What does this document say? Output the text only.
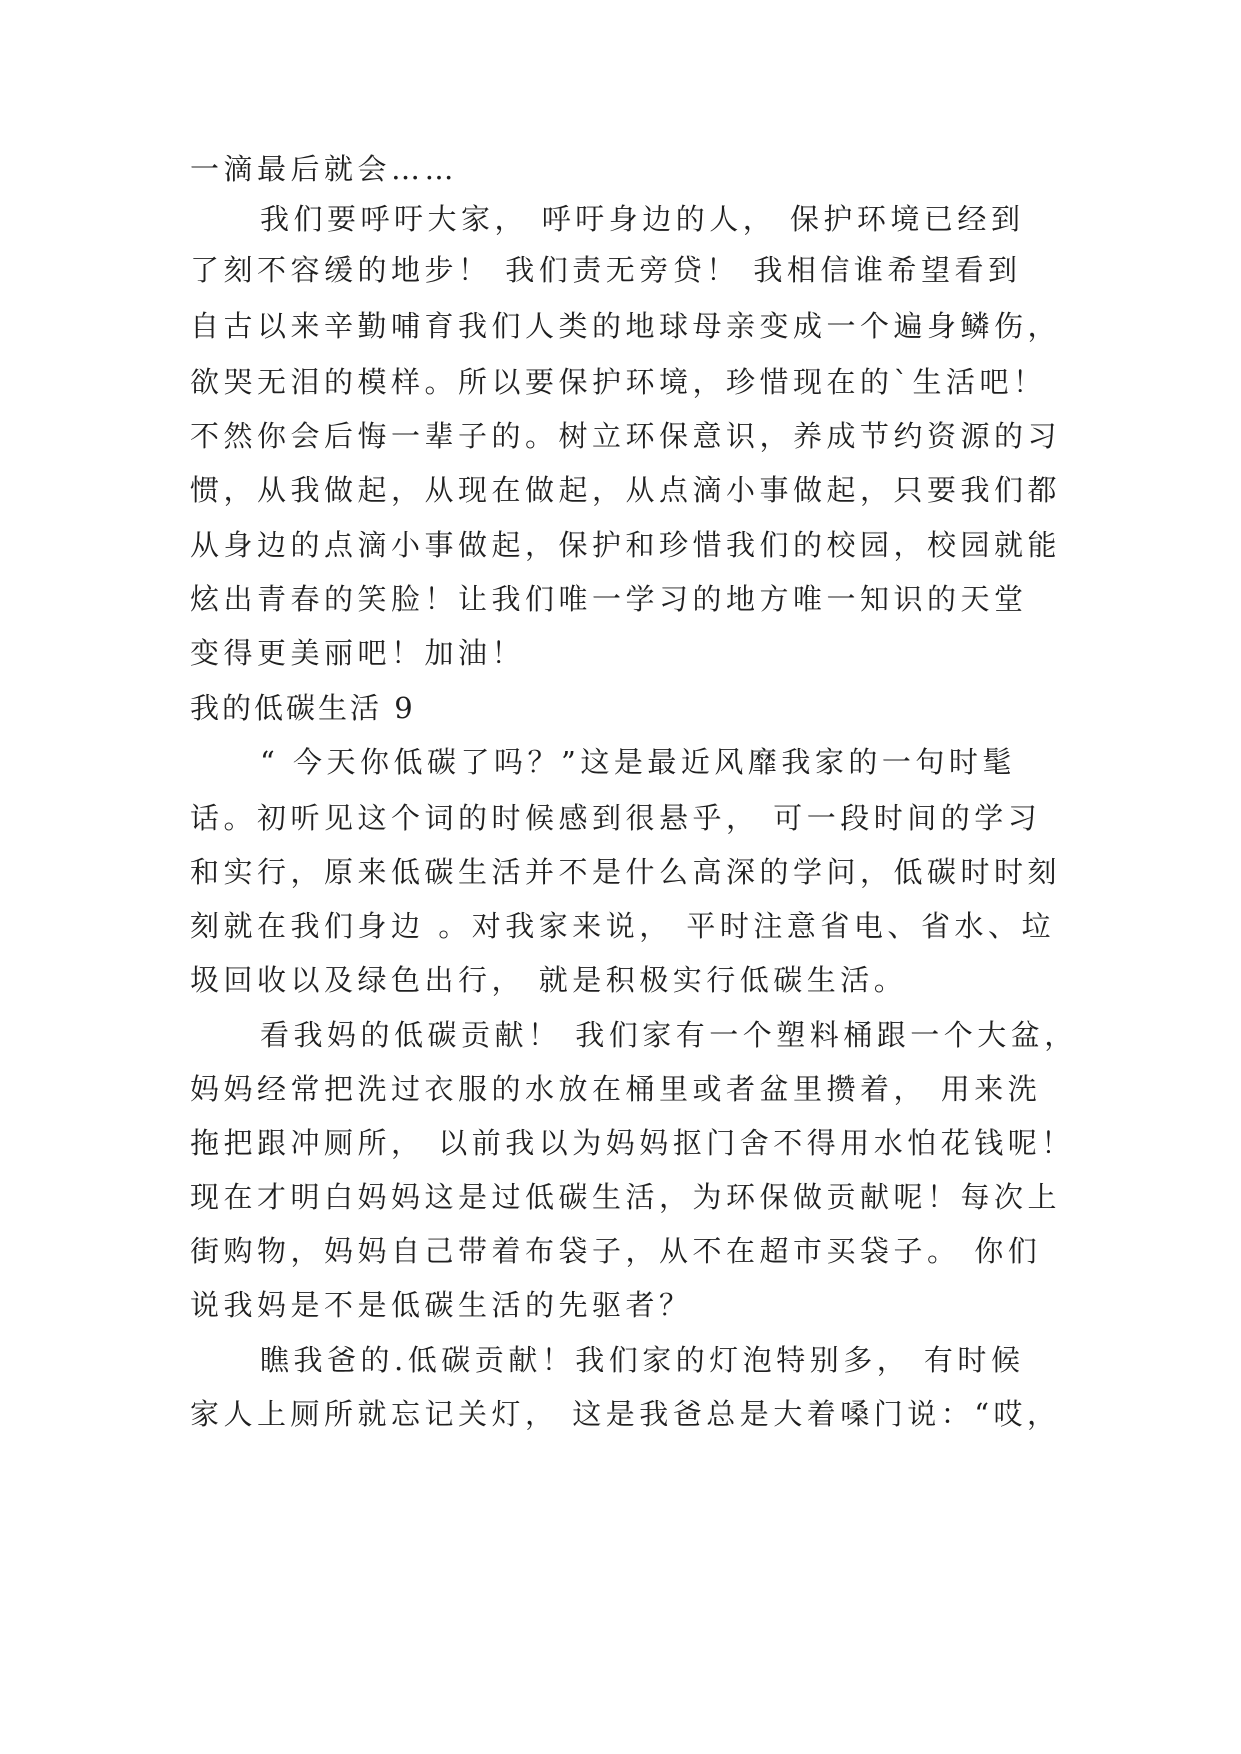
一滴最后就会……

我们要呼吁大家， 呼吁身边的人， 保护环境已经到

了刻不容缓的地步！ 我们责无旁贷！ 我相信谁希望看到

自古以来辛勤哺育我们人类的地球母亲变成一个遍身鳞伤，

欲哭无泪的模样。所以要保护环境，珍惜现在的`生活吧！

不然你会后悔一辈子的。树立环保意识，养成节约资源的习

惯，从我做起，从现在做起，从点滴小事做起，只要我们都

从身边的点滴小事做起，保护和珍惜我们的校园，校园就能

炫出青春的笑脸！让我们唯一学习的地方唯一知识的天堂

变得更美丽吧！加油！

我的低碳生活 9

“ 今天你低碳了吗？”这是最近风靡我家的一句时髦

话。初听见这个词的时候感到很悬乎， 可一段时间的学习

和实行，原来低碳生活并不是什么高深的学问，低碳时时刻

刻就在我们身边 。对我家来说， 平时注意省电、省水、垃

圾回收以及绿色出行， 就是积极实行低碳生活。

看我妈的低碳贡献！ 我们家有一个塑料桶跟一个大盆，

妈妈经常把洗过衣服的水放在桶里或者盆里攒着， 用来洗

拖把跟冲厕所， 以前我以为妈妈抠门舍不得用水怕花钱呢！

现在才明白妈妈这是过低碳生活，为环保做贡献呢！每次上

街购物，妈妈自己带着布袋子，从不在超市买袋子。 你们

说我妈是不是低碳生活的先驱者？

瞧我爸的.低碳贡献！我们家的灯泡特别多， 有时候

家人上厕所就忘记关灯， 这是我爸总是大着嗓门说：“哎，
